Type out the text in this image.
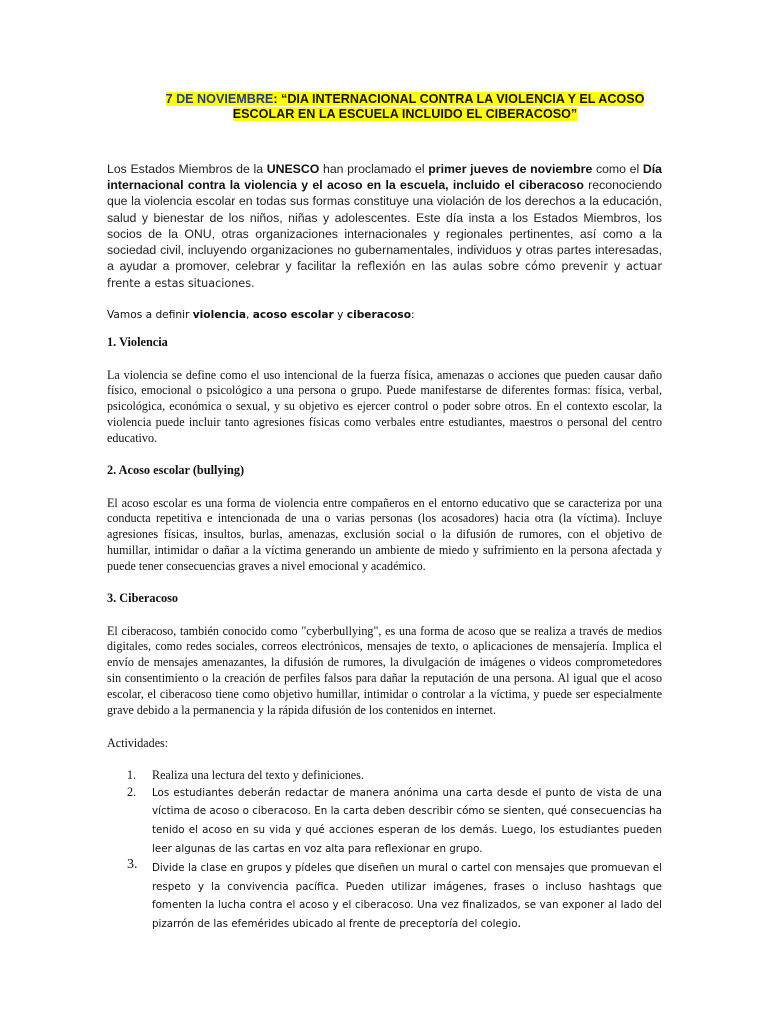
7 DE NOVIEMBRE: “DIA INTERNACIONAL CONTRA LA VIOLENCIA Y EL ACOSO ESCOLAR EN LA ESCUELA INCLUIDO EL CIBERACOSO”

Los Estados Miembros de la UNESCO han proclamado el primer jueves de noviembre como el Día internacional contra la violencia y el acoso en la escuela, incluido el ciberacoso reconociendo que la violencia escolar en todas sus formas constituye una violación de los derechos a la educación, salud y bienestar de los niños, niñas y adolescentes. Este día insta a los Estados Miembros, los socios de la ONU, otras organizaciones internacionales y regionales pertinentes, así como a la sociedad civil, incluyendo organizaciones no gubernamentales, individuos y otras partes interesadas, a ayudar a promover, celebrar y facilitar la reflexión en las aulas sobre cómo prevenir y actuar frente a estas situaciones.

Vamos a definir violencia, acoso escolar y ciberacoso:
1. Violencia
La violencia se define como el uso intencional de la fuerza física, amenazas o acciones que pueden causar daño físico, emocional o psicológico a una persona o grupo. Puede manifestarse de diferentes formas: física, verbal, psicológica, económica o sexual, y su objetivo es ejercer control o poder sobre otros. En el contexto escolar, la violencia puede incluir tanto agresiones físicas como verbales entre estudiantes, maestros o personal del centro educativo.
2. Acoso escolar (bullying)
El acoso escolar es una forma de violencia entre compañeros en el entorno educativo que se caracteriza por una conducta repetitiva e intencionada de una o varias personas (los acosadores) hacia otra (la víctima). Incluye agresiones físicas, insultos, burlas, amenazas, exclusión social o la difusión de rumores, con el objetivo de humillar, intimidar o dañar a la víctima generando un ambiente de miedo y sufrimiento en la persona afectada y puede tener consecuencias graves a nivel emocional y académico.
3. Ciberacoso
El ciberacoso, también conocido como "cyberbullying", es una forma de acoso que se realiza a través de medios digitales, como redes sociales, correos electrónicos, mensajes de texto, o aplicaciones de mensajería. Implica el envío de mensajes amenazantes, la difusión de rumores, la divulgación de imágenes o videos comprometedores sin consentimiento o la creación de perfiles falsos para dañar la reputación de una persona. Al igual que el acoso escolar, el ciberacoso tiene como objetivo humillar, intimidar o controlar a la víctima, y puede ser especialmente grave debido a la permanencia y la rápida difusión de los contenidos en internet.
Actividades:
1. Realiza una lectura del texto y definiciones.
2. Los estudiantes deberán redactar de manera anónima una carta desde el punto de vista de una víctima de acoso o ciberacoso. En la carta deben describir cómo se sienten, qué consecuencias ha tenido el acoso en su vida y qué acciones esperan de los demás. Luego, los estudiantes pueden leer algunas de las cartas en voz alta para reflexionar en grupo.
3. Divide la clase en grupos y pídeles que diseñen un mural o cartel con mensajes que promuevan el respeto y la convivencia pacífica. Pueden utilizar imágenes, frases o incluso hashtags que fomenten la lucha contra el acoso y el ciberacoso. Una vez finalizados, se van exponer al lado del pizarrón de las efemérides ubicado al frente de preceptoría del colegio.
